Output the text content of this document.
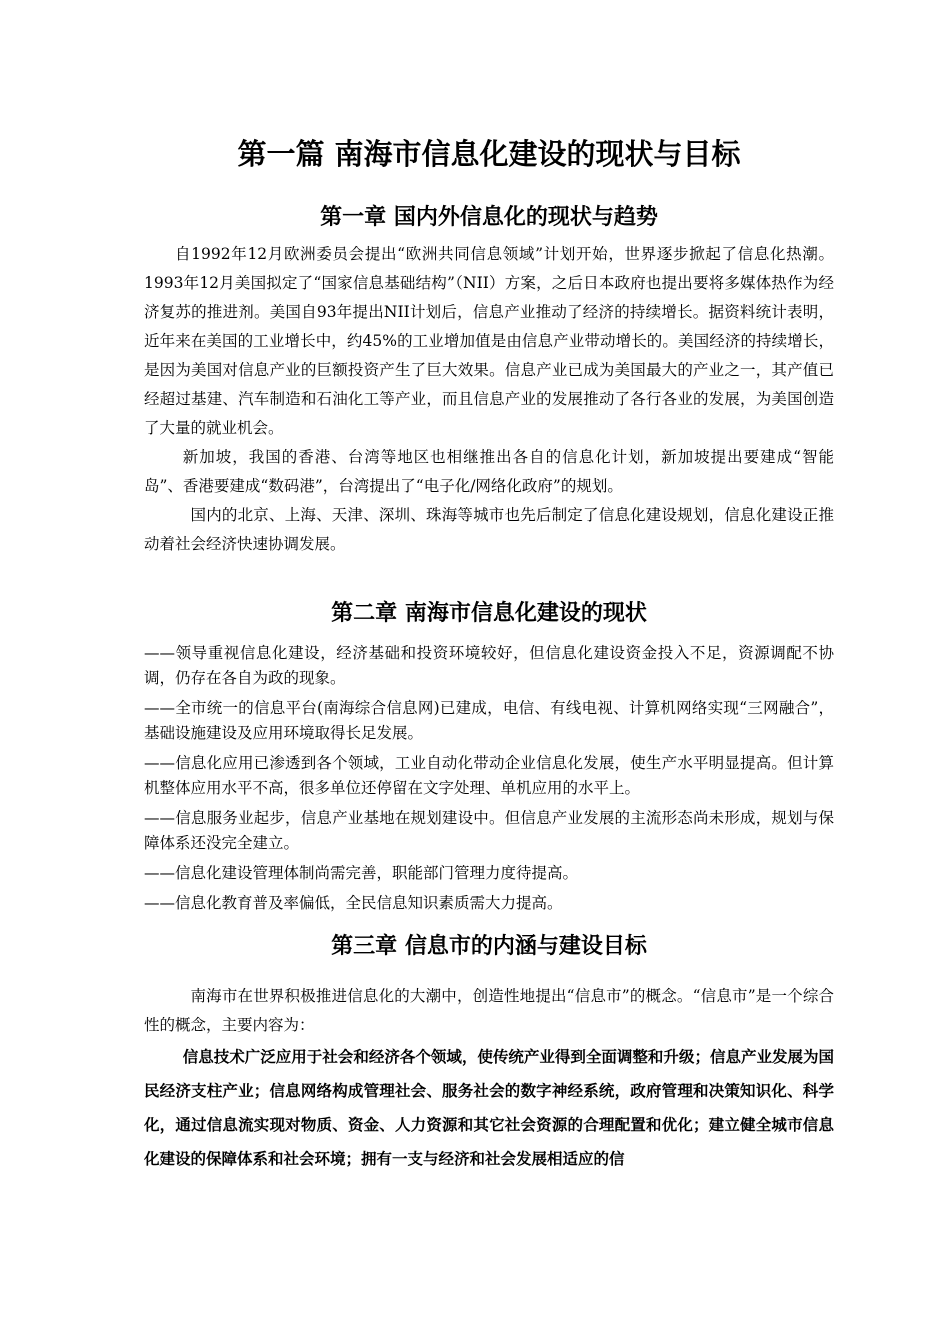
第一篇 南海市信息化建设的现状与目标
第一章 国内外信息化的现状与趋势

自1992年12月欧洲委员会提出“欧洲共同信息领域”计划开始，世界逐步掀起了信息化热潮。1993年12月美国拟定了“国家信息基础结构”（NII）方案，之后日本政府也提出要将多媒体热作为经济复苏的推进剂。美国自93年提出NII计划后，信息产业推动了经济的持续增长。据资料统计表明，近年来在美国的工业增长中，约45%的工业增加值是由信息产业带动增长的。美国经济的持续增长，是因为美国对信息产业的巨额投资产生了巨大效果。信息产业已成为美国最大的产业之一，其产值已经超过基建、汽车制造和石油化工等产业，而且信息产业的发展推动了各行各业的发展，为美国创造了大量的就业机会。

新加坡，我国的香港、台湾等地区也相继推出各自的信息化计划，新加坡提出要建成“智能岛”、香港要建成“数码港”，台湾提出了“电子化/网络化政府”的规划。

国内的北京、上海、天津、深圳、珠海等城市也先后制定了信息化建设规划，信息化建设正推动着社会经济快速协调发展。

第二章 南海市信息化建设的现状

——领导重视信息化建设，经济基础和投资环境较好，但信息化建设资金投入不足，资源调配不协调，仍存在各自为政的现象。

——全市统一的信息平台(南海综合信息网)已建成，电信、有线电视、计算机网络实现“三网融合”，基础设施建设及应用环境取得长足发展。

——信息化应用已渗透到各个领域，工业自动化带动企业信息化发展，使生产水平明显提高。但计算机整体应用水平不高，很多单位还停留在文字处理、单机应用的水平上。

——信息服务业起步，信息产业基地在规划建设中。但信息产业发展的主流形态尚未形成，规划与保障体系还没完全建立。

——信息化建设管理体制尚需完善，职能部门管理力度待提高。

——信息化教育普及率偏低，全民信息知识素质需大力提高。

第三章 信息市的内涵与建设目标

南海市在世界积极推进信息化的大潮中，创造性地提出“信息市”的概念。“信息市”是一个综合性的概念，主要内容为：

信息技术广泛应用于社会和经济各个领域，使传统产业得到全面调整和升级；信息产业发展为国民经济支柱产业；信息网络构成管理社会、服务社会的数字神经系统，政府管理和决策知识化、科学化，通过信息流实现对物质、资金、人力资源和其它社会资源的合理配置和优化；建立健全城市信息化建设的保障体系和社会环境；拥有一支与经济和社会发展相适应的信
